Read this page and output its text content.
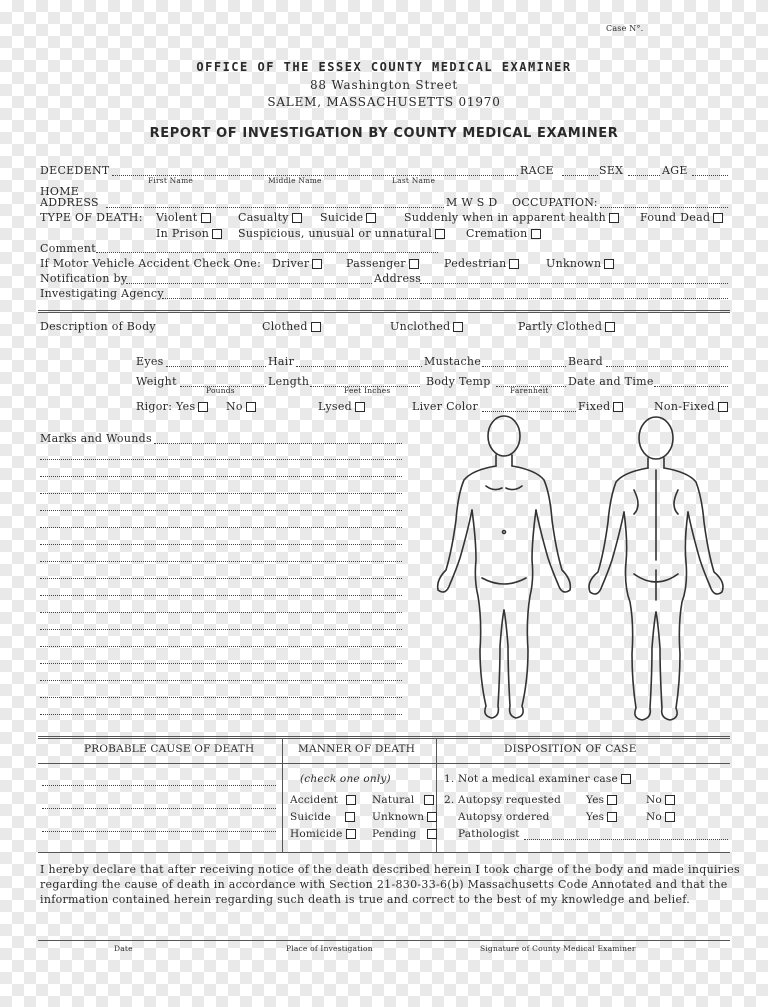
Case N°.
OFFICE OF THE ESSEX COUNTY MEDICAL EXAMINER
88 Washington Street
SALEM, MASSACHUSETTS 01970
REPORT OF INVESTIGATION BY COUNTY MEDICAL EXAMINER
DECEDENT	RACE	SEX	AGE
First Name	Middle Name	Last Name
HOME
ADDRESS	M W S D OCCUPATION:
TYPE OF DEATH: Violent	Casualty	Suicide	Suddenly when in apparent health	Found Dead
In Prison	Suspicious, unusual or unnatural	Cremation
Comment
If Motor Vehicle Accident Check One: Driver	Passenger	Pedestrian	Unknown
Notification by	Address
Investigating Agency
Description of Body	Clothed	Unclothed	Partly Clothed
Eyes	Hair	Mustache	Beard
Weight	Length	Body Temp	Date and Time
Pounds	Feet Inches	Farenheit
Rigor: Yes	No	Lysed	Liver Color	Fixed	Non-Fixed
Marks and Wounds
PROBABLE CAUSE OF DEATH	MANNER OF DEATH	DISPOSITION OF CASE
(check one only)
Accident	Natural
Suicide	Unknown
Homicide	Pending
1. Not a medical examiner case
2. Autopsy requested Yes	No
Autopsy ordered	Yes	No
Pathologist
I hereby declare that after receiving notice of the death described herein I took charge of the body and made inquiries
regarding the cause of death in accordance with Section 21-830-33-6(b) Massachusetts Code Annotated and that the
information contained herein regarding such death is true and correct to the best of my knowledge and belief.
Date	Place of Investigation	Signature of County Medical Examiner
